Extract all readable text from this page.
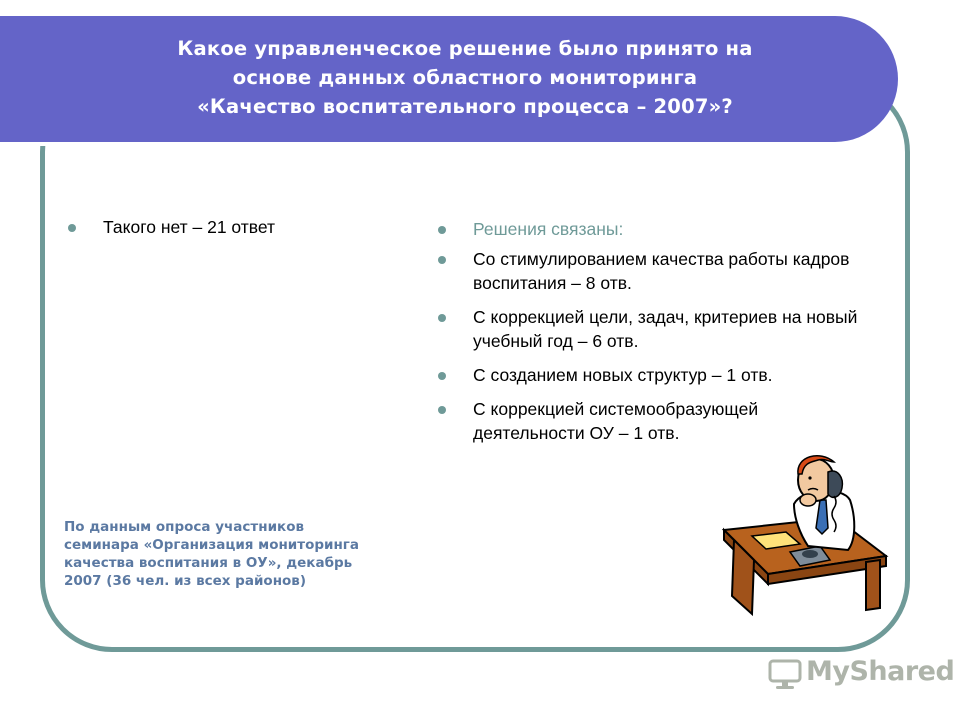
Какое управленческое решение было принято на
основе данных областного мониторинга
«Качество воспитательного процесса – 2007»?
Такого нет – 21 ответ	Решения связаны:
Со стимулированием качества работы кадров воспитания – 8 отв.
С коррекцией цели, задач, критериев на новый учебный год – 6 отв.
С созданием новых структур – 1 отв.
С коррекцией системообразующей деятельности ОУ – 1 отв.
По данным опроса участников
семинара «Организация мониторинга
качества воспитания в ОУ», декабрь
2007 (36 чел. из всех районов)
MyShared
